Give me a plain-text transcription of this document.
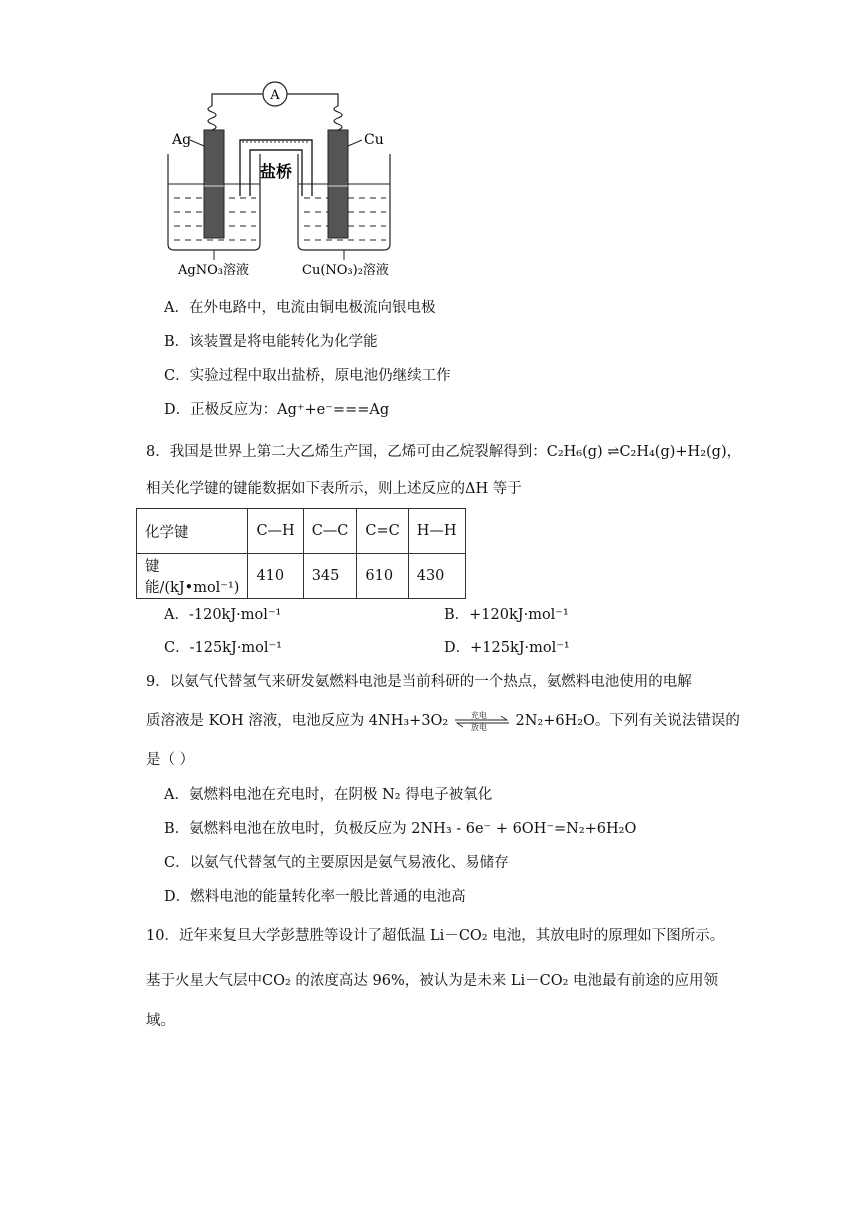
A
盐桥
Ag	Cu
AgNO₃溶液	Cu(NO₃)₂溶液
A．在外电路中，电流由铜电极流向银电极
B．该装置是将电能转化为化学能
C．实验过程中取出盐桥，原电池仍继续工作
D．正极反应为：Ag⁺+e⁻===Ag
8．我国是世界上第二大乙烯生产国，乙烯可由乙烷裂解得到：C₂H₆(g) ⇌C₂H₄(g)+H₂(g)，
相关化学键的键能数据如下表所示，则上述反应的ΔH 等于
化学键	C—H	C—C	C=C	H—H
键能/(kJ•mol⁻¹)	410	345	610	430
A．-120kJ·mol⁻¹	B．+120kJ·mol⁻¹
C．-125kJ·mol⁻¹	D．+125kJ·mol⁻¹
9．以氨气代替氢气来研发氨燃料电池是当前科研的一个热点，氨燃料电池使用的电解
质溶液是 KOH 溶液，电池反应为 4NH₃+3O₂	充电
放电 2N₂+6H₂O。下列有关说法错误的
是（ ）
A．氨燃料电池在充电时，在阴极 N₂ 得电子被氧化
B．氨燃料电池在放电时，负极反应为 2NH₃ - 6e⁻ + 6OH⁻=N₂+6H₂O
C．以氨气代替氢气的主要原因是氨气易液化、易储存
D．燃料电池的能量转化率一般比普通的电池高
10．近年来复旦大学彭慧胜等设计了超低温 Li－CO₂ 电池，其放电时的原理如下图所示。
基于火星大气层中CO₂ 的浓度高达 96%，被认为是未来 Li－CO₂ 电池最有前途的应用领
域。
